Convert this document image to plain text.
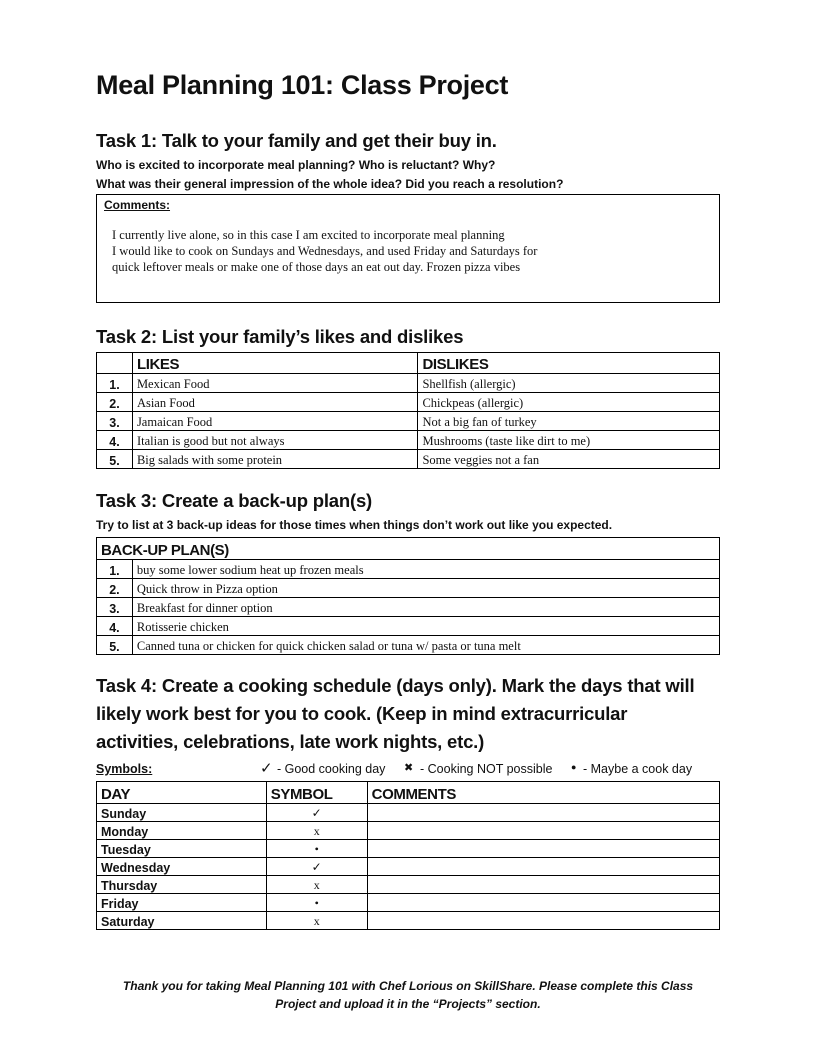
Meal Planning 101: Class Project
Task 1: Talk to your family and get their buy in.

Who is excited to incorporate meal planning? Who is reluctant? Why?

What was their general impression of the whole idea? Did you reach a resolution?

Comments:
I currently live alone, so in this case I am excited to incorporate meal planning
I would like to cook on Sundays and Wednesdays, and used Friday and Saturdays for
quick leftover meals or make one of those days an eat out day. Frozen pizza vibes
Task 2: List your family’s likes and dislikes
	LIKES	DISLIKES
1.	Mexican Food	Shellfish (allergic)
2.	Asian Food	Chickpeas (allergic)
3.	Jamaican Food	Not a big fan of turkey
4.	Italian is good but not always	Mushrooms (taste like dirt to me)
5.	Big salads with some protein	Some veggies not a fan
Task 3: Create a back-up plan(s)

Try to list at 3 back-up ideas for those times when things don’t work out like you expected.

BACK-UP PLAN(S)	
1.	buy some lower sodium heat up frozen meals
2.	Quick throw in Pizza option
3.	Breakfast for dinner option
4.	Rotisserie chicken
5.	Canned tuna or chicken for quick chicken salad or tuna w/ pasta or tuna melt
Task 4: Create a cooking schedule (days only). Mark the days that will
likely work best for you to cook. (Keep in mind extracurricular
activities, celebrations, late work nights, etc.)
Symbols:	✓ - Good cooking day ✖ - Cooking NOT possible ● - Maybe a cook day
DAY	SYMBOL	COMMENTS
Sunday	✓	
Monday	x	
Tuesday	•	
Wednesday	✓	
Thursday	x	
Friday	•	
Saturday	x	
Thank you for taking Meal Planning 101 with Chef Lorious on SkillShare. Please complete this Class
Project and upload it in the “Projects” section.
